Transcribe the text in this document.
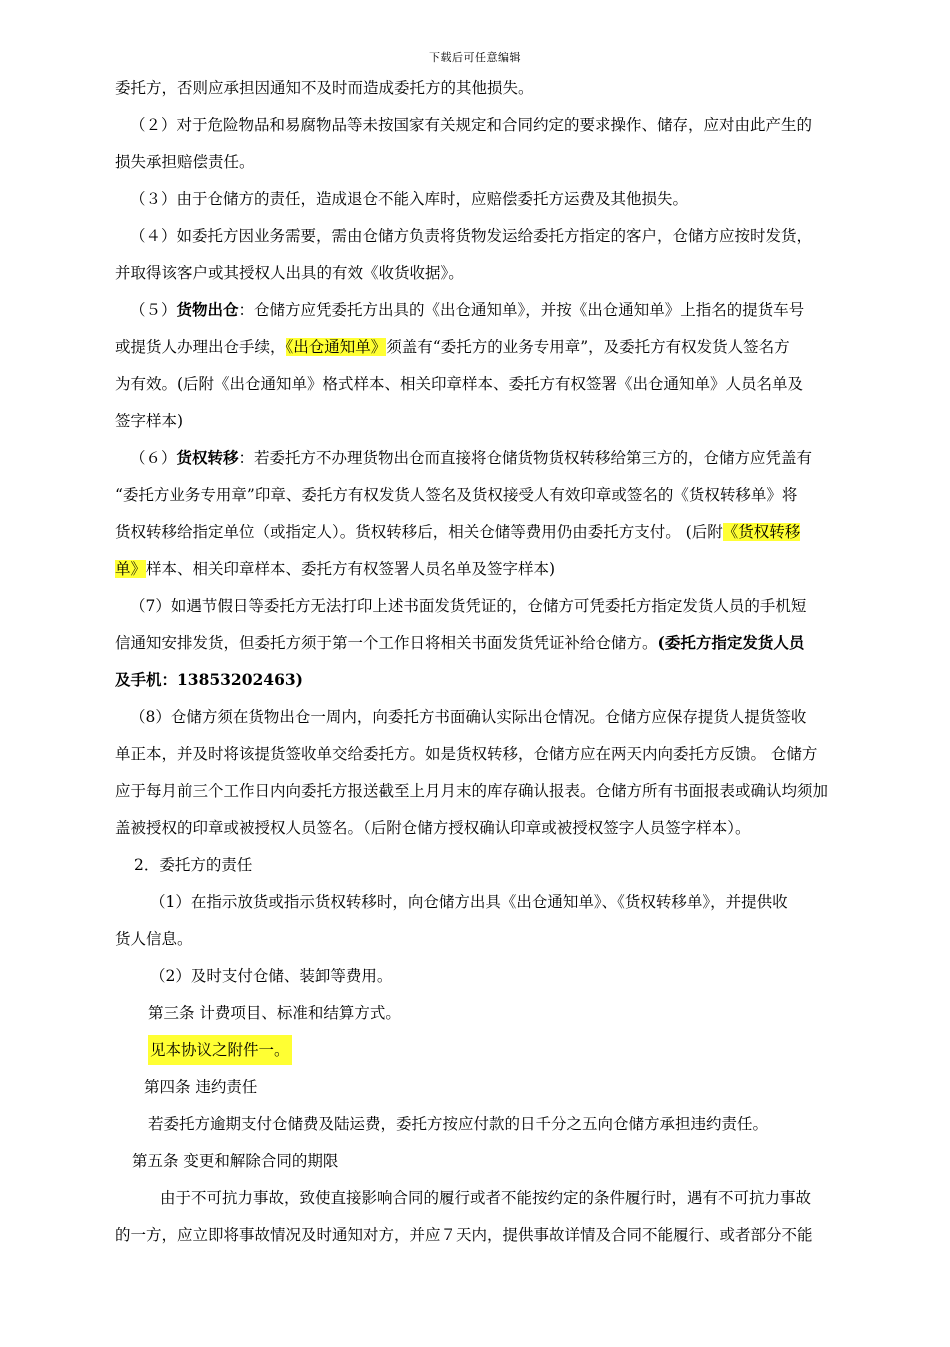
下载后可任意编辑
委托方，否则应承担因通知不及时而造成委托方的其他损失。
（２）对于危险物品和易腐物品等未按国家有关规定和合同约定的要求操作、储存，应对由此产生的
损失承担赔偿责任。
（３）由于仓储方的责任，造成退仓不能入库时，应赔偿委托方运费及其他损失。
（４）如委托方因业务需要，需由仓储方负责将货物发运给委托方指定的客户，仓储方应按时发货，
并取得该客户或其授权人出具的有效《收货收据》。
（５）货物出仓：仓储方应凭委托方出具的《出仓通知单》，并按《出仓通知单》上指名的提货车号
或提货人办理出仓手续，《出仓通知单》须盖有“委托方的业务专用章”，及委托方有权发货人签名方
为有效。(后附《出仓通知单》格式样本、相关印章样本、委托方有权签署《出仓通知单》人员名单及
签字样本)
（６）货权转移：若委托方不办理货物出仓而直接将仓储货物货权转移给第三方的，仓储方应凭盖有
“委托方业务专用章”印章、委托方有权发货人签名及货权接受人有效印章或签名的《货权转移单》将
货权转移给指定单位（或指定人）。货权转移后，相关仓储等费用仍由委托方支付。 (后附《货权转移
单》样本、相关印章样本、委托方有权签署人员名单及签字样本)
（7）如遇节假日等委托方无法打印上述书面发货凭证的，仓储方可凭委托方指定发货人员的手机短
信通知安排发货，但委托方须于第一个工作日将相关书面发货凭证补给仓储方。(委托方指定发货人员
及手机：13853202463)
（8）仓储方须在货物出仓一周内，向委托方书面确认实际出仓情况。仓储方应保存提货人提货签收
单正本，并及时将该提货签收单交给委托方。如是货权转移，仓储方应在两天内向委托方反馈。 仓储方
应于每月前三个工作日内向委托方报送截至上月月末的库存确认报表。仓储方所有书面报表或确认均须加
盖被授权的印章或被授权人员签名。（后附仓储方授权确认印章或被授权签字人员签字样本）。
2．委托方的责任
（1）在指示放货或指示货权转移时，向仓储方出具《出仓通知单》、《货权转移单》，并提供收
货人信息。
（2）及时支付仓储、装卸等费用。
第三条 计费项目、标准和结算方式。
见本协议之附件一。
第四条 违约责任
若委托方逾期支付仓储费及陆运费，委托方按应付款的日千分之五向仓储方承担违约责任。
第五条 变更和解除合同的期限
由于不可抗力事故，致使直接影响合同的履行或者不能按约定的条件履行时，遇有不可抗力事故
的一方，应立即将事故情况及时通知对方，并应７天内，提供事故详情及合同不能履行、或者部分不能
